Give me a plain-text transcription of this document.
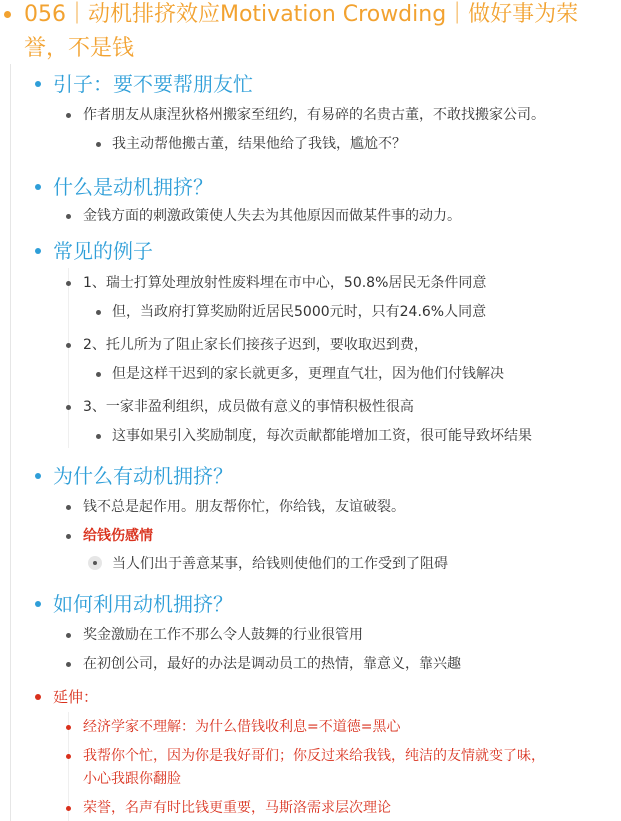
056｜动机排挤效应Motivation Crowding｜做好事为荣
誉，不是钱
引子：要不要帮朋友忙
作者朋友从康涅狄格州搬家至纽约，有易碎的名贵古董，不敢找搬家公司。
我主动帮他搬古董，结果他给了我钱，尴尬不？
什么是动机拥挤？
金钱方面的刺激政策使人失去为其他原因而做某件事的动力。
常见的例子
1、瑞士打算处理放射性废料埋在市中心，50.8%居民无条件同意
但，当政府打算奖励附近居民5000元时，只有24.6%人同意
2、托儿所为了阻止家长们接孩子迟到，要收取迟到费，
但是这样干迟到的家长就更多，更理直气壮，因为他们付钱解决
3、一家非盈利组织，成员做有意义的事情积极性很高
这事如果引入奖励制度，每次贡献都能增加工资，很可能导致坏结果
为什么有动机拥挤？
钱不总是起作用。朋友帮你忙，你给钱，友谊破裂。
给钱伤感情
当人们出于善意某事，给钱则使他们的工作受到了阻碍
如何利用动机拥挤？
奖金激励在工作不那么令人鼓舞的行业很管用
在初创公司，最好的办法是调动员工的热情，靠意义，靠兴趣
延伸：
经济学家不理解：为什么借钱收利息=不道德=黑心
我帮你个忙，因为你是我好哥们；你反过来给我钱，纯洁的友情就变了味，
小心我跟你翻脸
荣誉，名声有时比钱更重要，马斯洛需求层次理论
